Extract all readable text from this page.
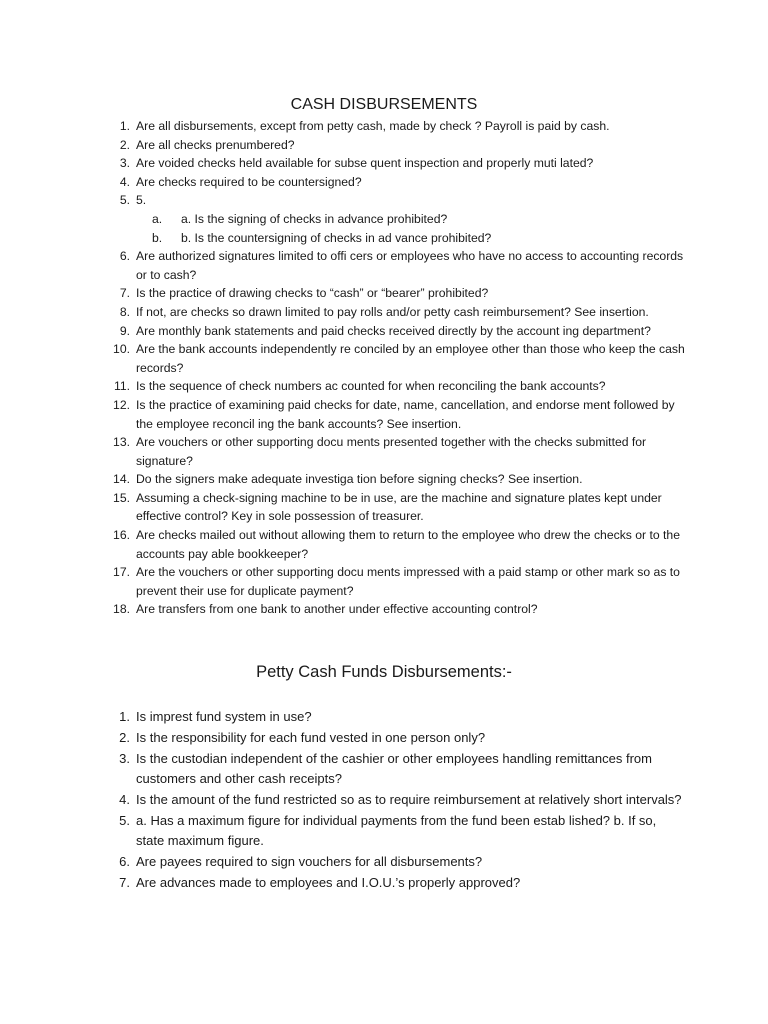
CASH DISBURSEMENTS
1. Are all disbursements, except from petty cash, made by check ? Payroll is paid by cash.
2. Are all checks prenumbered?
3. Are voided checks held available for subse quent inspection and properly muti lated?
4. Are checks required to be countersigned?
5. 5.
a. a. Is the signing of checks in advance prohibited?
b. b. Is the countersigning of checks in ad vance prohibited?
6. Are authorized signatures limited to offi cers or employees who have no access to accounting records or to cash?
7. Is the practice of drawing checks to “cash” or “bearer” prohibited?
8. If not, are checks so drawn limited to pay rolls and/or petty cash reimbursement? See insertion.
9. Are monthly bank statements and paid checks received directly by the account ing department?
10. Are the bank accounts independently re conciled by an employee other than those who keep the cash records?
11. Is the sequence of check numbers ac counted for when reconciling the bank accounts?
12. Is the practice of examining paid checks for date, name, cancellation, and endorse ment followed by the employee reconcil ing the bank accounts? See insertion.
13. Are vouchers or other supporting docu ments presented together with the checks submitted for signature?
14. Do the signers make adequate investiga tion before signing checks? See insertion.
15. Assuming a check-signing machine to be in use, are the machine and signature plates kept under effective control? Key in sole possession of treasurer.
16. Are checks mailed out without allowing them to return to the employee who drew the checks or to the accounts pay able bookkeeper?
17. Are the vouchers or other supporting docu ments impressed with a paid stamp or other mark so as to prevent their use for duplicate payment?
18. Are transfers from one bank to another under effective accounting control?
Petty Cash Funds Disbursements:-
1. Is imprest fund system in use?
2. Is the responsibility for each fund vested in one person only?
3. Is the custodian independent of the cashier or other employees handling remittances from customers and other cash receipts?
4. Is the amount of the fund restricted so as to require reimbursement at relatively short intervals?
5. a. Has a maximum figure for individual payments from the fund been estab lished? b. If so, state maximum figure.
6. Are payees required to sign vouchers for all disbursements?
7. Are advances made to employees and I.O.U.’s properly approved?
